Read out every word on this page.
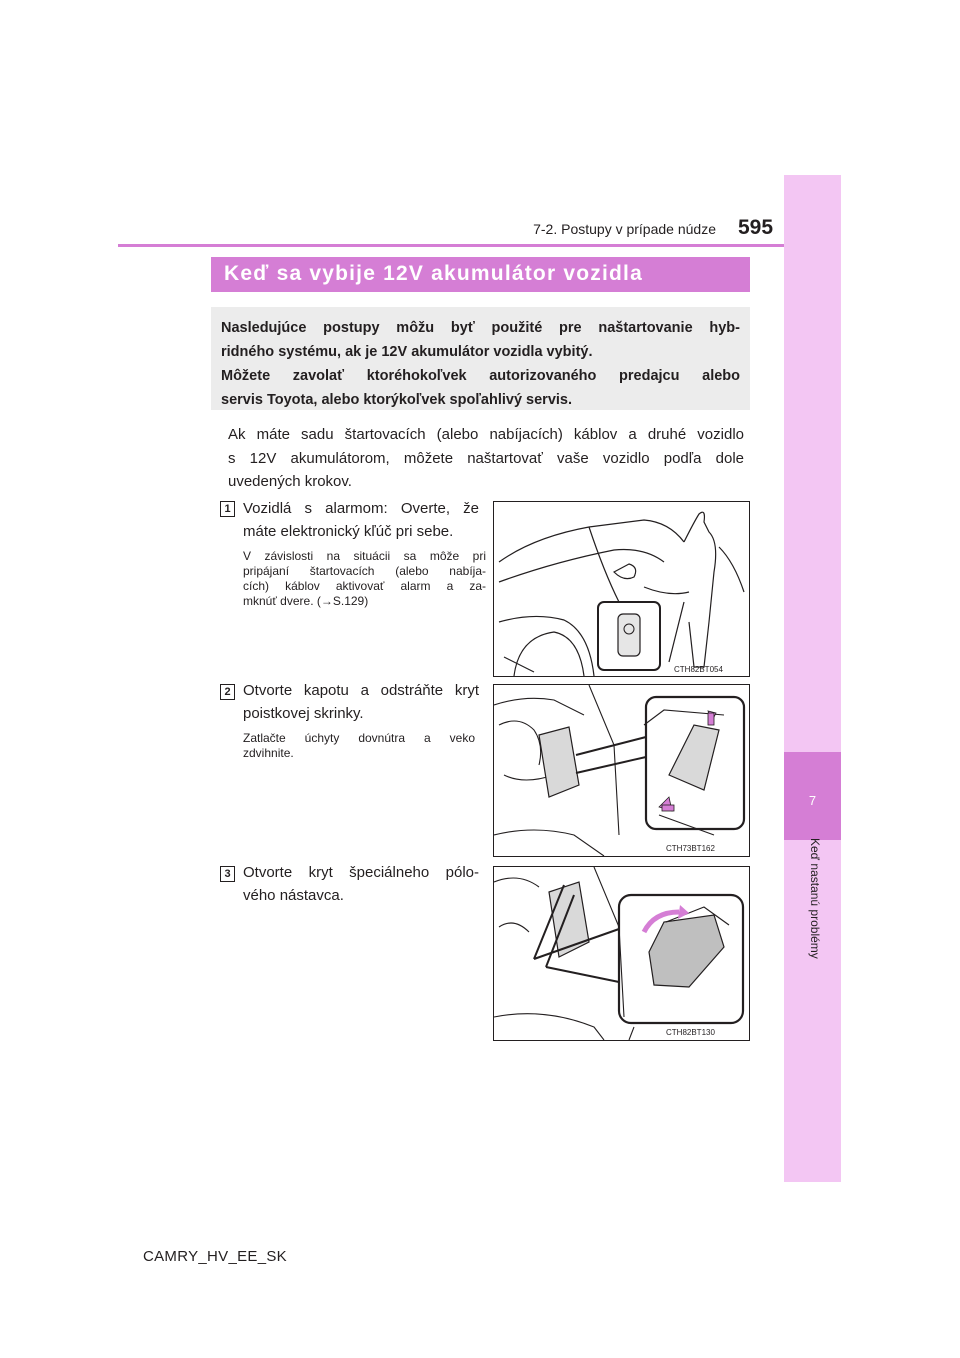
7
Keď nastanú problémy
7-2. Postupy v prípade núdze 595
Keď sa vybije 12V akumulátor vozidla

Nasledujúce postupy môžu byť použité pre naštartovanie hyb-

ridného systému, ak je 12V akumulátor vozidla vybitý.

Môžete zavolať ktoréhokoľvek autorizovaného predajcu alebo

servis Toyota, alebo ktorýkoľvek spoľahlivý servis.

Ak máte sadu štartovacích (alebo nabíjacích) káblov a druhé vozidlo
s 12V akumulátorom, môžete naštartovať vaše vozidlo podľa dole
uvedených krokov.
1 Vozidlá s alarmom: Overte, že
máte elektronický kľúč pri sebe.
V závislosti na situácii sa môže pri
pripájaní štartovacích (alebo nabíja-
cích) káblov aktivovať alarm a za-
mknúť dvere. (→S.129)
CTH82BT054
2 Otvorte kapotu a odstráňte kryt
poistkovej skrinky.
Zatlačte úchyty dovnútra a veko
zdvihnite.
CTH73BT162
3 Otvorte kryt špeciálneho pólo-
vého nástavca.
CTH82BT130
CAMRY_HV_EE_SK
